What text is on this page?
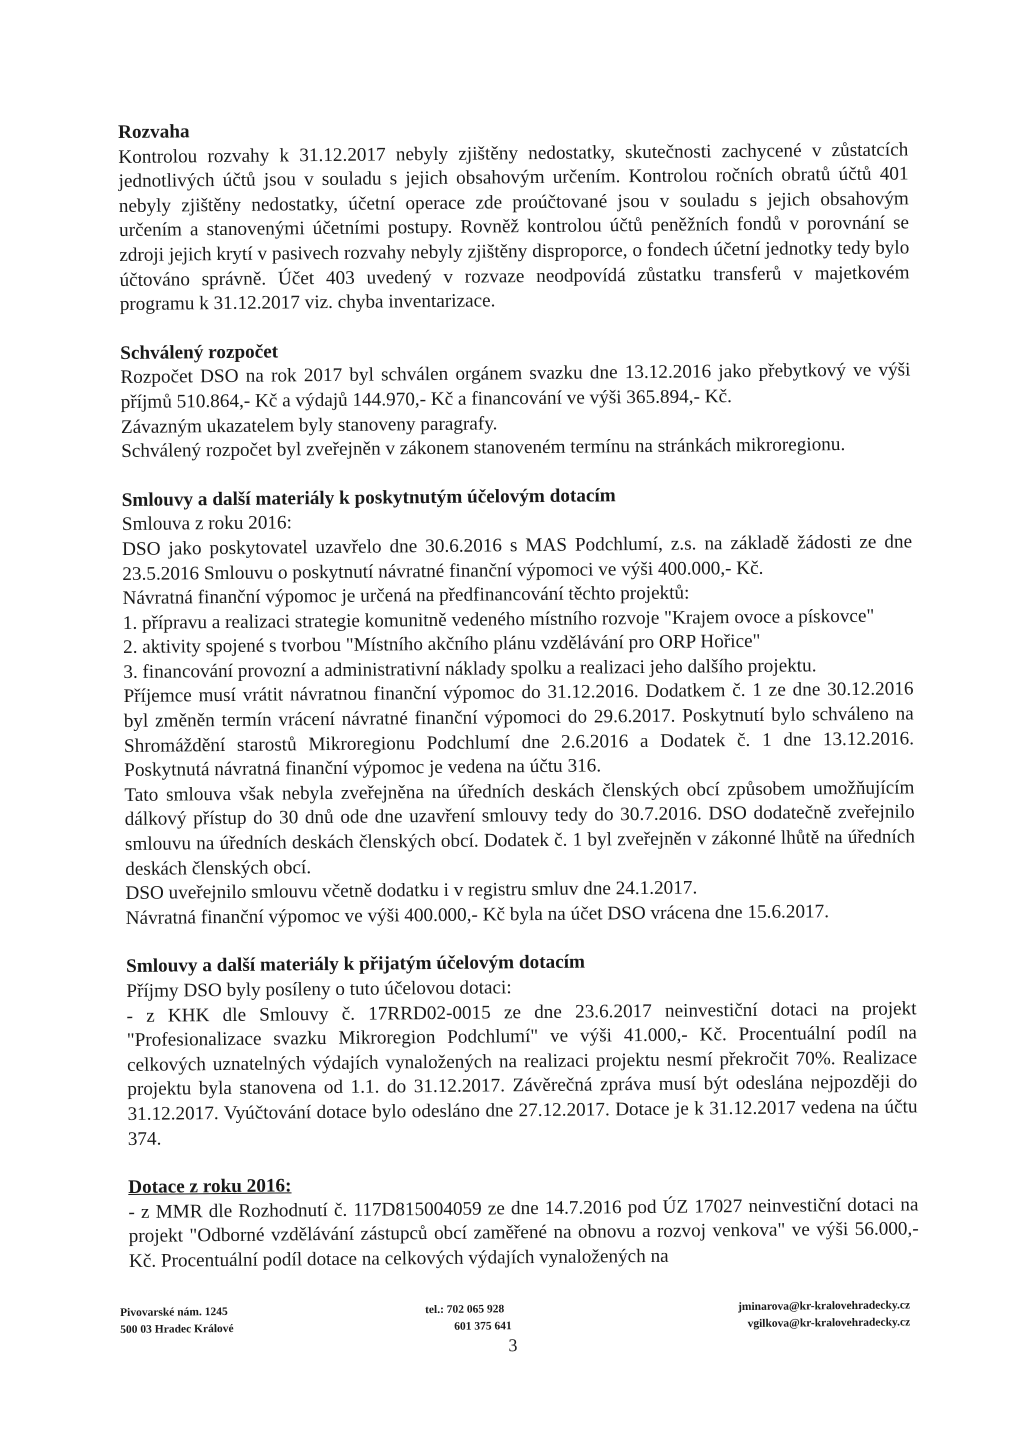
Rozvaha

Kontrolou rozvahy k 31.12.2017 nebyly zjištěny nedostatky, skutečnosti zachycené v zůstatcích jednotlivých účtů jsou v souladu s jejich obsahovým určením. Kontrolou ročních obratů účtů 401 nebyly zjištěny nedostatky, účetní operace zde proúčtované jsou v souladu s jejich obsahovým určením a stanovenými účetními postupy. Rovněž kontrolou účtů peněžních fondů v porovnání se zdroji jejich krytí v pasivech rozvahy nebyly zjištěny disproporce, o fondech účetní jednotky tedy bylo účtováno správně. Účet 403 uvedený v rozvaze neodpovídá zůstatku transferů v majetkovém programu k 31.12.2017 viz. chyba inventarizace.

Schválený rozpočet

Rozpočet DSO na rok 2017 byl schválen orgánem svazku dne 13.12.2016 jako přebytkový ve výši příjmů 510.864,- Kč a výdajů 144.970,- Kč a financování ve výši 365.894,- Kč.

Závazným ukazatelem byly stanoveny paragrafy.

Schválený rozpočet byl zveřejněn v zákonem stanoveném termínu na stránkách mikroregionu.

Smlouvy a další materiály k poskytnutým účelovým dotacím

Smlouva z roku 2016:

DSO jako poskytovatel uzavřelo dne 30.6.2016 s MAS Podchlumí, z.s. na základě žádosti ze dne 23.5.2016 Smlouvu o poskytnutí návratné finanční výpomoci ve výši 400.000,- Kč.

Návratná finanční výpomoc je určená na předfinancování těchto projektů:

1. přípravu a realizaci strategie komunitně vedeného místního rozvoje "Krajem ovoce a pískovce"

2. aktivity spojené s tvorbou "Místního akčního plánu vzdělávání pro ORP Hořice"

3. financování provozní a administrativní náklady spolku a realizaci jeho dalšího projektu.

Příjemce musí vrátit návratnou finanční výpomoc do 31.12.2016. Dodatkem č. 1 ze dne 30.12.2016 byl změněn termín vrácení návratné finanční výpomoci do 29.6.2017. Poskytnutí bylo schváleno na Shromáždění starostů Mikroregionu Podchlumí dne 2.6.2016 a Dodatek č. 1 dne 13.12.2016. Poskytnutá návratná finanční výpomoc je vedena na účtu 316.

Tato smlouva však nebyla zveřejněna na úředních deskách členských obcí způsobem umožňujícím dálkový přístup do 30 dnů ode dne uzavření smlouvy tedy do 30.7.2016. DSO dodatečně zveřejnilo smlouvu na úředních deskách členských obcí. Dodatek č. 1 byl zveřejněn v zákonné lhůtě na úředních deskách členských obcí.

DSO uveřejnilo smlouvu včetně dodatku i v registru smluv dne 24.1.2017.

Návratná finanční výpomoc ve výši 400.000,- Kč byla na účet DSO vrácena dne 15.6.2017.

Smlouvy a další materiály k přijatým účelovým dotacím

Příjmy DSO byly posíleny o tuto účelovou dotaci:

- z KHK dle Smlouvy č. 17RRD02-0015 ze dne 23.6.2017 neinvestiční dotaci na projekt "Profesionalizace svazku Mikroregion Podchlumí" ve výši 41.000,- Kč. Procentuální podíl na celkových uznatelných výdajích vynaložených na realizaci projektu nesmí překročit 70%. Realizace projektu byla stanovena od 1.1. do 31.12.2017. Závěrečná zpráva musí být odeslána nejpozději do 31.12.2017. Vyúčtování dotace bylo odesláno dne 27.12.2017. Dotace je k 31.12.2017 vedena na účtu 374.

Dotace z roku 2016:

- z MMR dle Rozhodnutí č. 117D815004059 ze dne 14.7.2016 pod ÚZ 17027 neinvestiční dotaci na projekt "Odborné vzdělávání zástupců obcí zaměřené na obnovu a rozvoj venkova" ve výši 56.000,- Kč. Procentuální podíl dotace na celkových výdajích vynaložených na

Pivovarské nám. 1245
500 03 Hradec Králové
tel.: 702 065 928
601 375 641
jminarova@kr-kralovehradecky.cz
vgilkova@kr-kralovehradecky.cz
3
